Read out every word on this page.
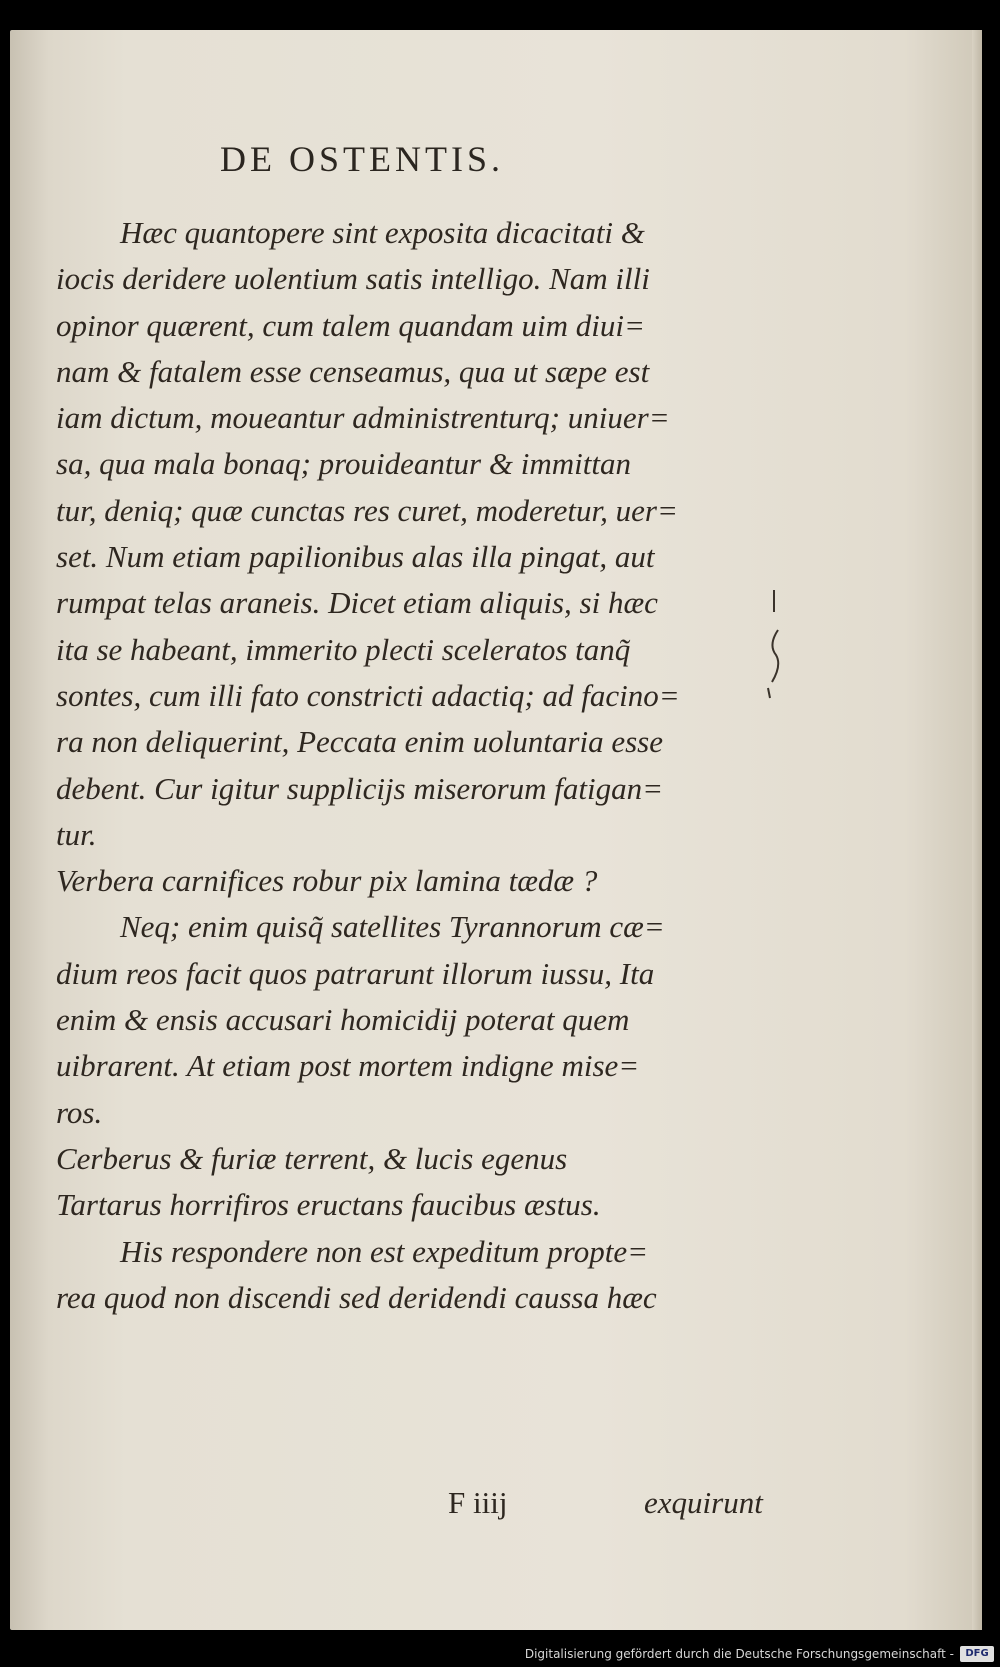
DE OSTENTIS.
Hæc quantopere sint exposita dicacitati &
iocis deridere uolentium satis intelligo. Nam illi
opinor quærent, cum talem quandam uim diui=
nam & fatalem esse censeamus, qua ut sæpe est
iam dictum, moueantur administrenturq; uniuer=
sa, qua mala bonaq; prouideantur & immittan
tur, deniq; quæ cunctas res curet, moderetur, uer=
set. Num etiam papilionibus alas illa pingat, aut
rumpat telas araneis. Dicet etiam aliquis, si hæc
ita se habeant, immerito plecti sceleratos tanq̃
sontes, cum illi fato constricti adactiq; ad facino=
ra non deliquerint, Peccata enim uoluntaria esse
debent. Cur igitur supplicijs miserorum fatigan=
tur.
Verbera carnifices robur pix lamina tædæ ?
Neq; enim quisq̃ satellites Tyrannorum cæ=
dium reos facit quos patrarunt illorum iussu, Ita
enim & ensis accusari homicidij poterat quem
uibrarent. At etiam post mortem indigne mise=
ros.
Cerberus & furiæ terrent, & lucis egenus
Tartarus horrifiros eructans faucibus æstus.
His respondere non est expeditum propte=
rea quod non discendi sed deridendi caussa hæc
F iiij	exquirunt
Digitalisierung gefördert durch die Deutsche Forschungsgemeinschaft -	DFG
